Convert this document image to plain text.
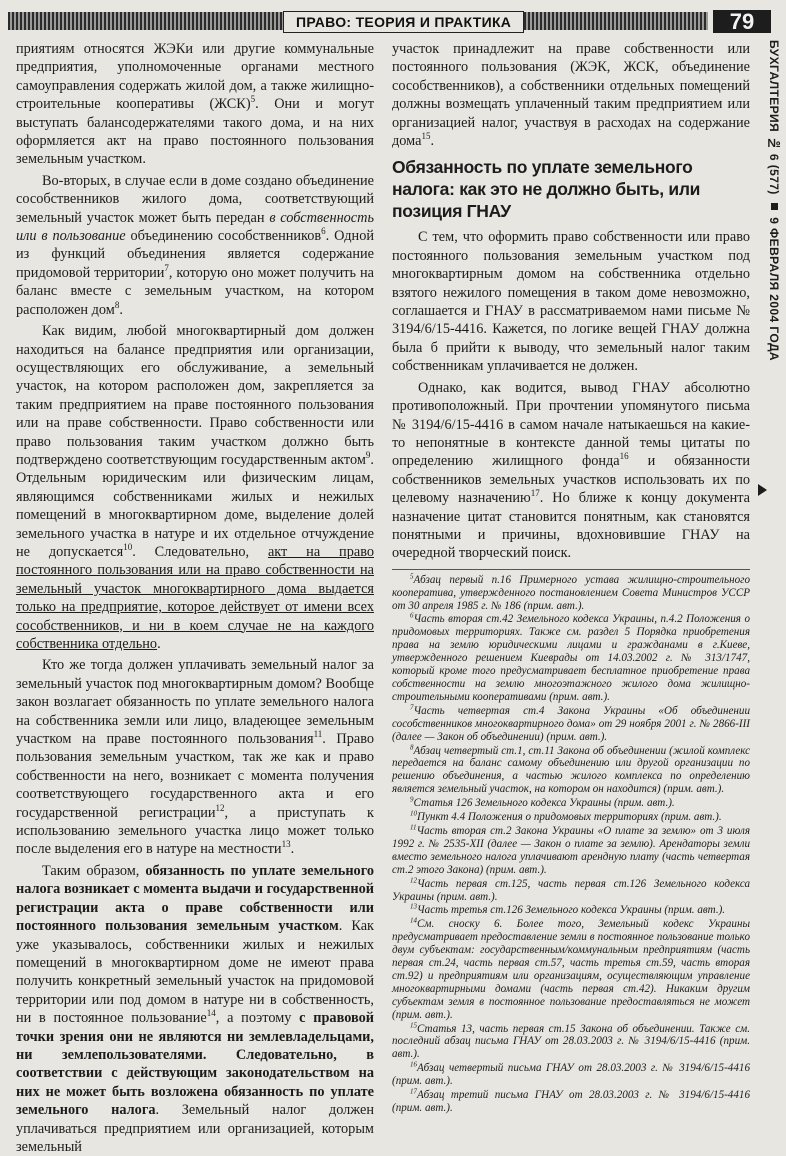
ПРАВО: ТЕОРИЯ И ПРАКТИКА	79
БУХГАЛТЕРИЯ № 6 (577)  9 ФЕВРАЛЯ 2004 ГОДА

приятиям относятся ЖЭКи или другие коммунальные предприятия, уполномоченные органами местного самоуправления содержать жилой дом, а также жилищно-строительные кооперативы (ЖСК)$^5$. Они и могут выступать балансодержателями такого дома, и на них оформляется акт на право постоянного пользования земельным участком.

Во-вторых, в случае если в доме создано объединение сособственников жилого дома, соответствующий земельный участок может быть передан в собственность или в пользование объединению сособственников$^6$. Одной из функций объединения является содержание придомовой территории$^7$, которую оно может получить на баланс вместе с земельным участком, на котором расположен дом$^8$.

Как видим, любой многоквартирный дом должен находиться на балансе предприятия или организации, осуществляющих его обслуживание, а земельный участок, на котором расположен дом, закрепляется за таким предприятием на праве постоянного пользования или на праве собственности. Право собственности или право пользования таким участком должно быть подтверждено соответствующим государственным актом$^9$. Отдельным юридическим или физическим лицам, являющимся собственниками жилых и нежилых помещений в многоквартирном доме, выделение долей земельного участка в натуре и их отдельное отчуждение не допускается$^{10}$. Следовательно, акт на право постоянного пользования или на право собственности на земельный участок многоквартирного дома выдается только на предприятие, которое действует от имени всех сособственников, и ни в коем случае не на каждого собственника отдельно.

Кто же тогда должен уплачивать земельный налог за земельный участок под многоквартирным домом? Вообще закон возлагает обязанность по уплате земельного налога на собственника земли или лицо, владеющее земельным участком на праве постоянного пользования$^{11}$. Право пользования земельным участком, так же как и право собственности на него, возникает с момента получения соответствующего государственного акта и его государственной регистрации$^{12}$, а приступать к использованию земельного участка лицо может только после выделения его в натуре на местности$^{13}$.

Таким образом, обязанность по уплате земельного налога возникает с момента выдачи и государственной регистрации акта о праве собственности или постоянного пользования земельным участком. Как уже указывалось, собственники жилых и нежилых помещений в многоквартирном доме не имеют права получить конкретный земельный участок на придомовой территории или под домом в натуре ни в собственность, ни в постоянное пользование$^{14}$, а поэтому с правовой точки зрения они не являются ни землевладельцами, ни землепользователями. Следовательно, в соответствии с действующим законодательством на них не может быть возложена обязанность по уплате земельного налога. Земельный налог должен уплачиваться предприятием или организацией, которым земельный

участок принадлежит на праве собственности или постоянного пользования (ЖЭК, ЖСК, объединение сособственников), а собственники отдельных помещений должны возмещать уплаченный таким предприятием или организацией налог, участвуя в расходах на содержание дома$^{15}$.

Обязанность по уплате земельного налога: как это не должно быть, или позиция ГНАУ

С тем, что оформить право собственности или право постоянного пользования земельным участком под многоквартирным домом на собственника отдельно взятого нежилого помещения в таком доме невозможно, соглашается и ГНАУ в рассматриваемом нами письме № 3194/6/15-4416. Кажется, по логике вещей ГНАУ должна была б прийти к выводу, что земельный налог таким собственникам уплачивается не должен.

Однако, как водится, вывод ГНАУ абсолютно противоположный. При прочтении упомянутого письма № 3194/6/15-4416 в самом начале натыкаешься на какие-то непонятные в контексте данной темы цитаты по определению жилищного фонда$^{16}$ и обязанности собственников земельных участков использовать их по целевому назначению$^{17}$. Но ближе к концу документа назначение цитат становится понятным, как становятся понятными и причины, вдохновившие ГНАУ на очередной творческий поиск.

$^5$Абзац первый п.16 Примерного устава жилищно-строительного кооператива, утвержденного постановлением Совета Министров УССР от 30 апреля 1985 г. № 186 (прим. авт.).

$^6$Часть вторая ст.42 Земельного кодекса Украины, п.4.2 Положения о придомовых территориях. Также см. раздел 5 Порядка приобретения права на землю юридическими лицами и гражданами в г.Киеве, утвержденного решением Киеврады от 14.03.2002 г. № 313/1747, который кроме того предусматривает бесплатное приобретение права собственности на землю многоэтажного жилого дома жилищно-строительными кооперативами (прим. авт.).

$^7$Часть четвертая ст.4 Закона Украины «Об объединении сособственников многоквартирного дома» от 29 ноября 2001 г. № 2866-III (далее — Закон об объединении) (прим. авт.).

$^8$Абзац четвертый ст.1, ст.11 Закона об объединении (жилой комплекс передается на баланс самому объединению или другой организации по решению объединения, а частью жилого комплекса по определению является земельный участок, на котором он находится) (прим. авт.).

$^9$Статья 126 Земельного кодекса Украины (прим. авт.).

$^{10}$Пункт 4.4 Положения о придомовых территориях (прим. авт.).

$^{11}$Часть вторая ст.2 Закона Украины «О плате за землю» от 3 июля 1992 г. № 2535-XII (далее — Закон о плате за землю). Арендаторы земли вместо земельного налога уплачивают арендную плату (часть четвертая ст.2 этого Закона) (прим. авт.).

$^{12}$Часть первая ст.125, часть первая ст.126 Земельного кодекса Украины (прим. авт.).

$^{13}$Часть третья ст.126 Земельного кодекса Украины (прим. авт.).

$^{14}$См. сноску 6. Более того, Земельный кодекс Украины предусматривает предоставление земли в постоянное пользование только двум субъектам: государственным/коммунальным предприятиям (часть первая ст.24, часть первая ст.57, часть третья ст.59, часть вторая ст.92) и предприятиям или организациям, осуществляющим управление многоквартирными домами (часть первая ст.42). Никаким другим субъектам земля в постоянное пользование предоставляться не может (прим. авт.).

$^{15}$Статья 13, часть первая ст.15 Закона об объединении. Также см. последний абзац письма ГНАУ от 28.03.2003 г. № 3194/6/15-4416 (прим. авт.).

$^{16}$Абзац четвертый письма ГНАУ от 28.03.2003 г. № 3194/6/15-4416 (прим. авт.).

$^{17}$Абзац третий письма ГНАУ от 28.03.2003 г. № 3194/6/15-4416 (прим. авт.).
